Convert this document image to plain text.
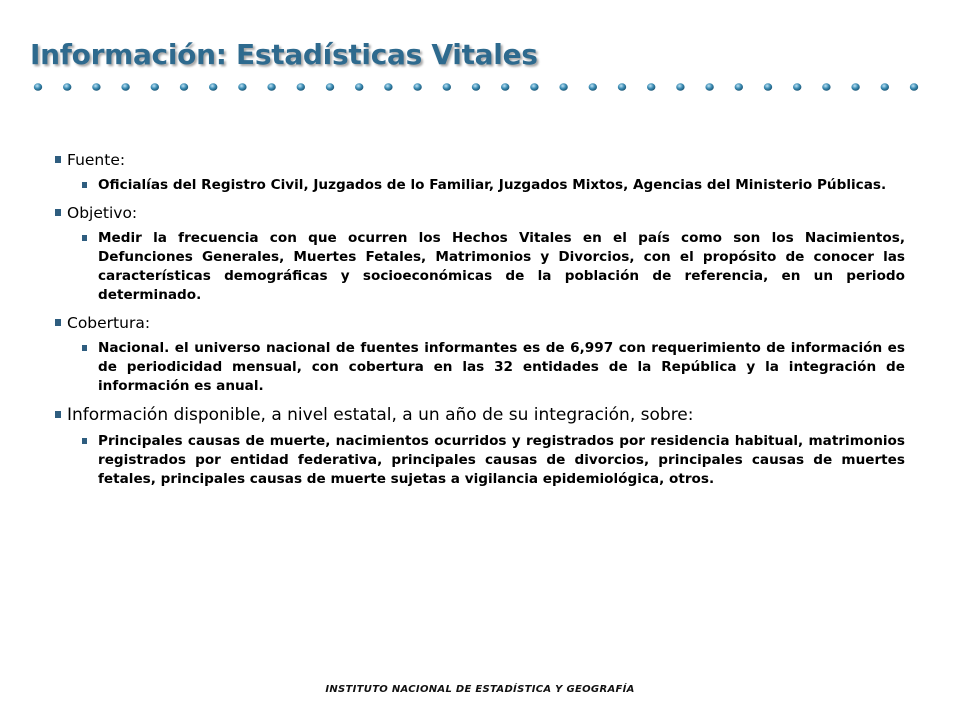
Información: Estadísticas Vitales
Fuente:
Oficialías del Registro Civil, Juzgados de lo Familiar, Juzgados Mixtos, Agencias del Ministerio Públicas.
Objetivo:
Medir la frecuencia con que ocurren los Hechos Vitales en el país como son los Nacimientos, Defunciones Generales, Muertes Fetales, Matrimonios y Divorcios, con el propósito de conocer las características demográficas y socioeconómicas de la población de referencia, en un periodo determinado.
Cobertura:
Nacional. el universo nacional de fuentes informantes es de 6,997 con requerimiento de información es de periodicidad mensual, con cobertura en las 32 entidades de la República y la integración de información es anual.
Información disponible, a nivel estatal, a un año de su integración, sobre:
Principales causas de muerte, nacimientos ocurridos y registrados por residencia habitual, matrimonios registrados por entidad federativa, principales causas de divorcios, principales causas de muertes fetales, principales causas de muerte sujetas a vigilancia epidemiológica, otros.
INSTITUTO NACIONAL DE ESTADÍSTICA Y GEOGRAFÍA
